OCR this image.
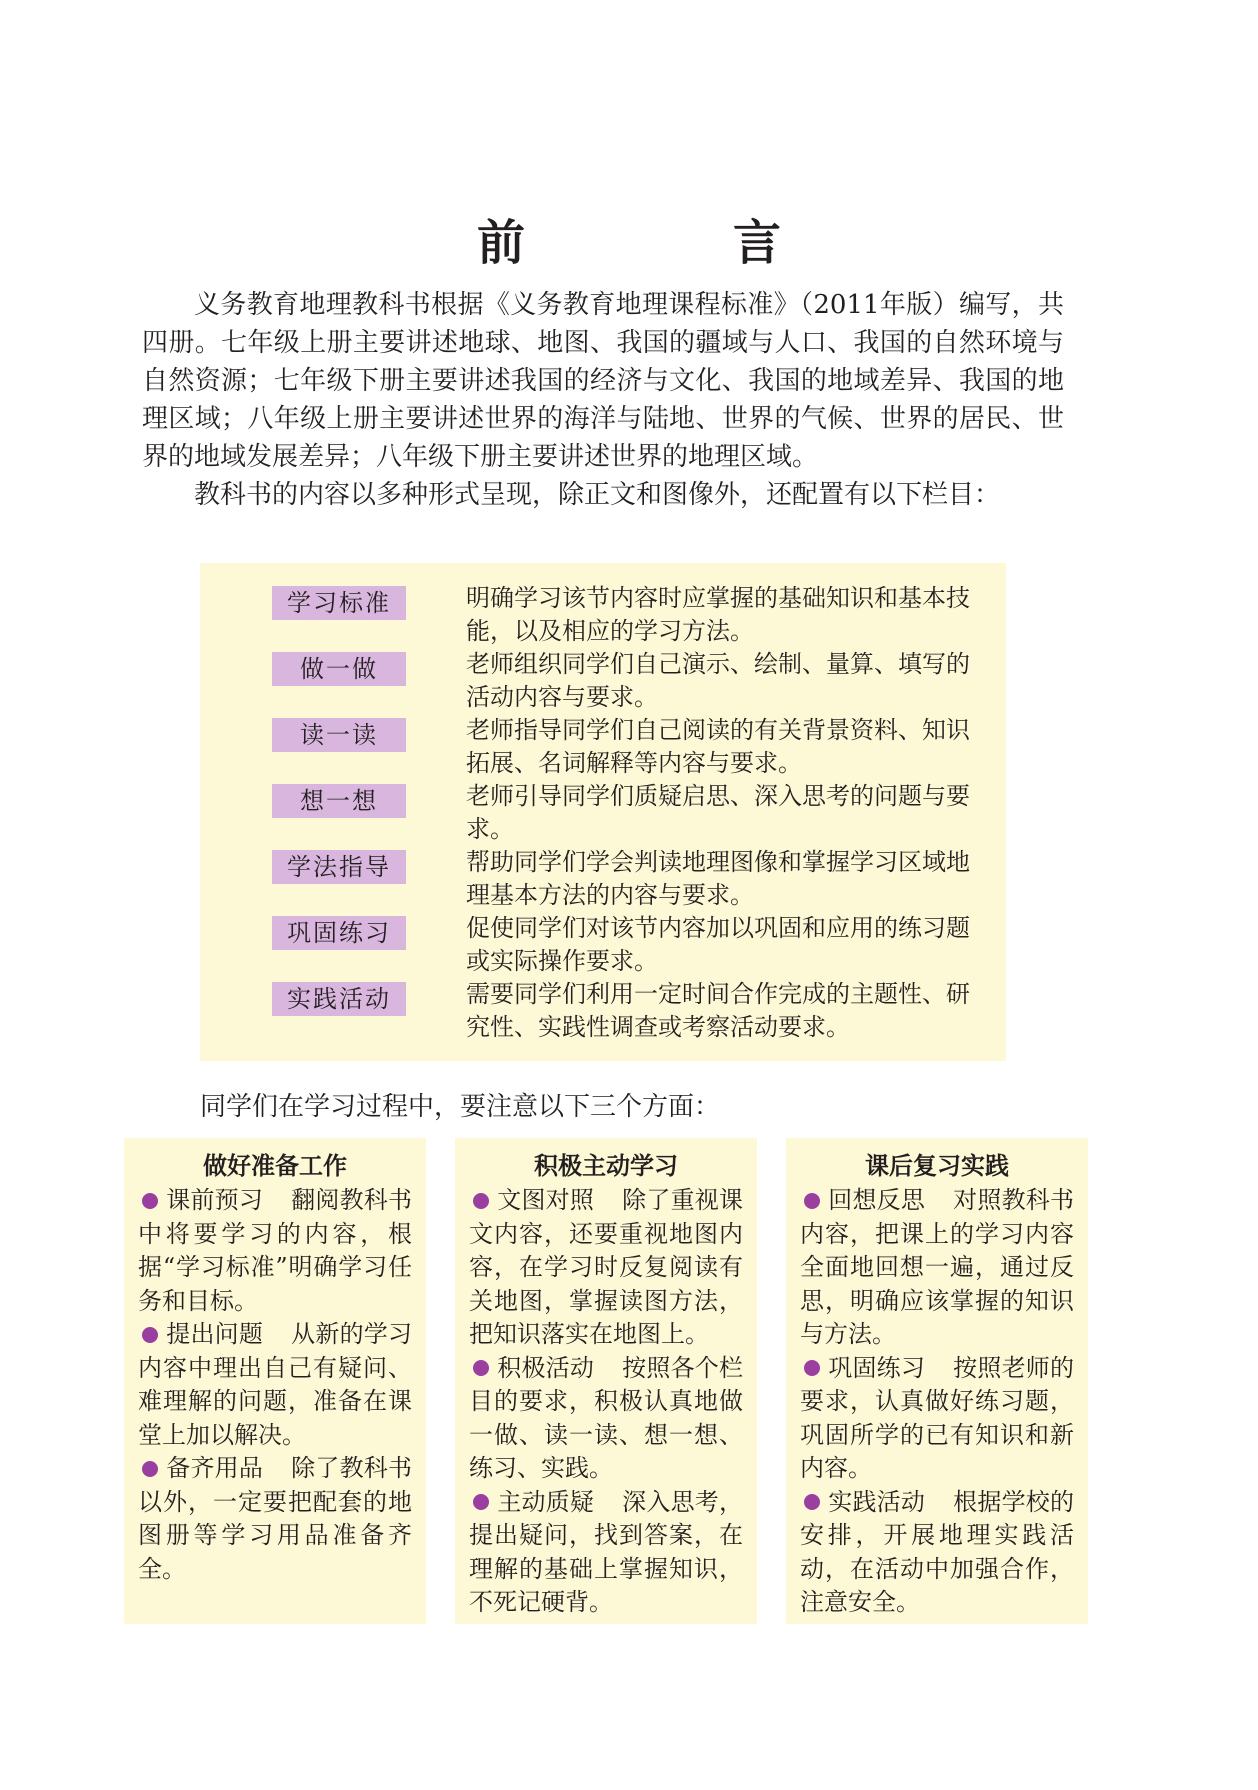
前　言

义务教育地理教科书根据《义务教育地理课程标准》（2011年版）编写，共四册。七年级上册主要讲述地球、地图、我国的疆域与人口、我国的自然环境与自然资源；七年级下册主要讲述我国的经济与文化、我国的地域差异、我国的地理区域；八年级上册主要讲述世界的海洋与陆地、世界的气候、世界的居民、世界的地域发展差异；八年级下册主要讲述世界的地理区域。

教科书的内容以多种形式呈现，除正文和图像外，还配置有以下栏目：

学习标准	明确学习该节内容时应掌握的基础知识和基本技能，以及相应的学习方法。
做一做	老师组织同学们自己演示、绘制、量算、填写的活动内容与要求。
读一读	老师指导同学们自己阅读的有关背景资料、知识拓展、名词解释等内容与要求。
想一想	老师引导同学们质疑启思、深入思考的问题与要求。
学法指导	帮助同学们学会判读地理图像和掌握学习区域地理基本方法的内容与要求。
巩固练习	促使同学们对该节内容加以巩固和应用的练习题或实际操作要求。
实践活动	需要同学们利用一定时间合作完成的主题性、研究性、实践性调查或考察活动要求。
同学们在学习过程中，要注意以下三个方面：
做好准备工作

课前预习 翻阅教科书中将要学习的内容，根据“学习标准”明确学习任务和目标。

提出问题 从新的学习内容中理出自己有疑问、难理解的问题，准备在课堂上加以解决。

备齐用品 除了教科书以外，一定要把配套的地图册等学习用品准备齐全。

积极主动学习

文图对照 除了重视课文内容，还要重视地图内容，在学习时反复阅读有关地图，掌握读图方法，把知识落实在地图上。

积极活动 按照各个栏目的要求，积极认真地做一做、读一读、想一想、练习、实践。

主动质疑 深入思考，提出疑问，找到答案，在理解的基础上掌握知识，不死记硬背。

课后复习实践

回想反思 对照教科书内容，把课上的学习内容全面地回想一遍，通过反思，明确应该掌握的知识与方法。

巩固练习 按照老师的要求，认真做好练习题，巩固所学的已有知识和新内容。

实践活动 根据学校的安排，开展地理实践活动，在活动中加强合作，注意安全。
